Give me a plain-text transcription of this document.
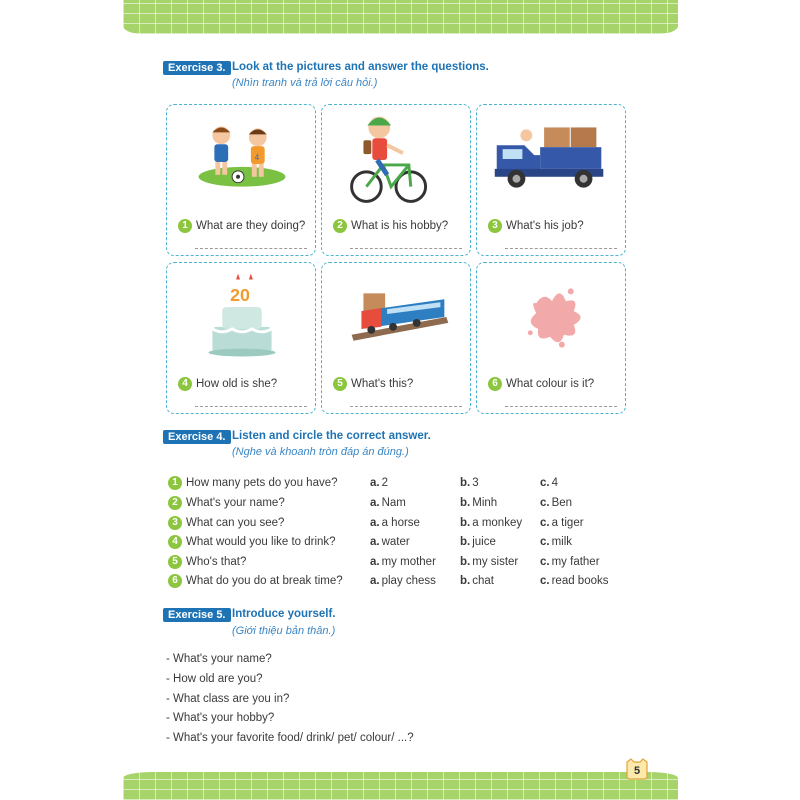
Exercise 3. Look at the pictures and answer the questions.
(Nhìn tranh và trả lời câu hỏi.)
4
1 What are they doing?	2 What is his hobby?	3 What's his job?
20
4 How old is she?	5 What's this?	6 What colour is it?
Exercise 4. Listen and circle the correct answer.
(Nghe và khoanh tròn đáp án đúng.)
1 How many pets do you have?	a. 2	b. 3	c. 4
2 What's your name?	a. Nam	b. Minh	c. Ben
3 What can you see?	a. a horse	b. a monkey c. a tiger
4 What would you like to drink?	a. water	b. juice	c. milk
5 Who's that?	a. my mother b. my sister c. my father
6 What do you do at break time? a. play chess b. chat	c. read books
Exercise 5. Introduce yourself.
(Giới thiệu bản thân.)
- What's your name?
- How old are you?
- What class are you in?
- What's your hobby?
- What's your favorite food/ drink/ pet/ colour/ ...?
5
